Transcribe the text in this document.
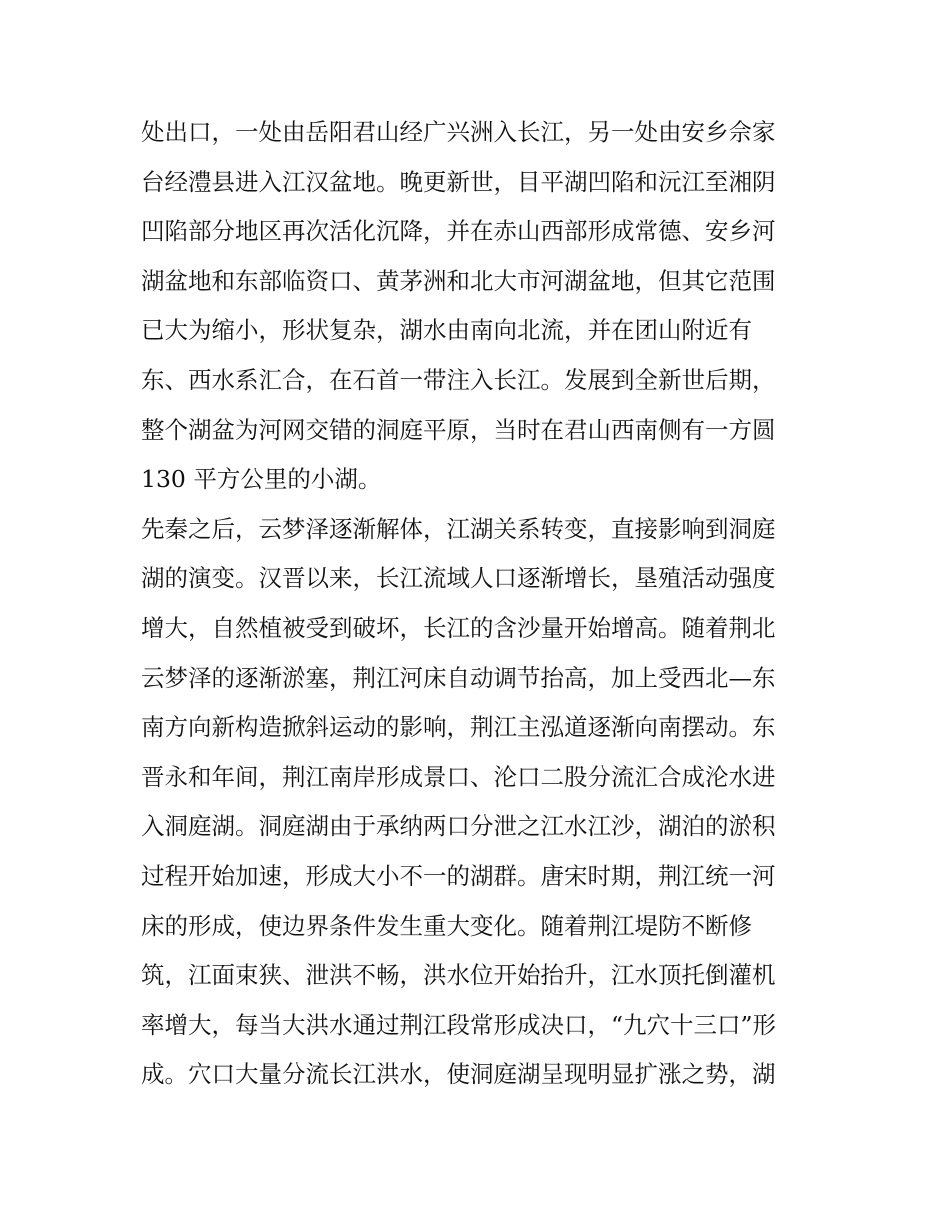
处出口，一处由岳阳君山经广兴洲入长江，另一处由安乡佘家
台经澧县进入江汉盆地。晚更新世，目平湖凹陷和沅江至湘阴
凹陷部分地区再次活化沉降，并在赤山西部形成常德、安乡河
湖盆地和东部临资口、黄茅洲和北大市河湖盆地，但其它范围
已大为缩小，形状复杂，湖水由南向北流，并在团山附近有
东、西水系汇合，在石首一带注入长江。发展到全新世后期，
整个湖盆为河网交错的洞庭平原，当时在君山西南侧有一方圆
130 平方公里的小湖。
先秦之后，云梦泽逐渐解体，江湖关系转变，直接影响到洞庭
湖的演变。汉晋以来，长江流域人口逐渐增长，垦殖活动强度
增大，自然植被受到破坏，长江的含沙量开始增高。随着荆北
云梦泽的逐渐淤塞，荆江河床自动调节抬高，加上受西北—东
南方向新构造掀斜运动的影响，荆江主泓道逐渐向南摆动。东
晋永和年间，荆江南岸形成景口、沦口二股分流汇合成沦水进
入洞庭湖。洞庭湖由于承纳两口分泄之江水江沙，湖泊的淤积
过程开始加速，形成大小不一的湖群。唐宋时期，荆江统一河
床的形成，使边界条件发生重大变化。随着荆江堤防不断修
筑，江面束狭、泄洪不畅，洪水位开始抬升，江水顶托倒灌机
率增大，每当大洪水通过荆江段常形成决口，“九穴十三口”形
成。穴口大量分流长江洪水，使洞庭湖呈现明显扩涨之势，湖
